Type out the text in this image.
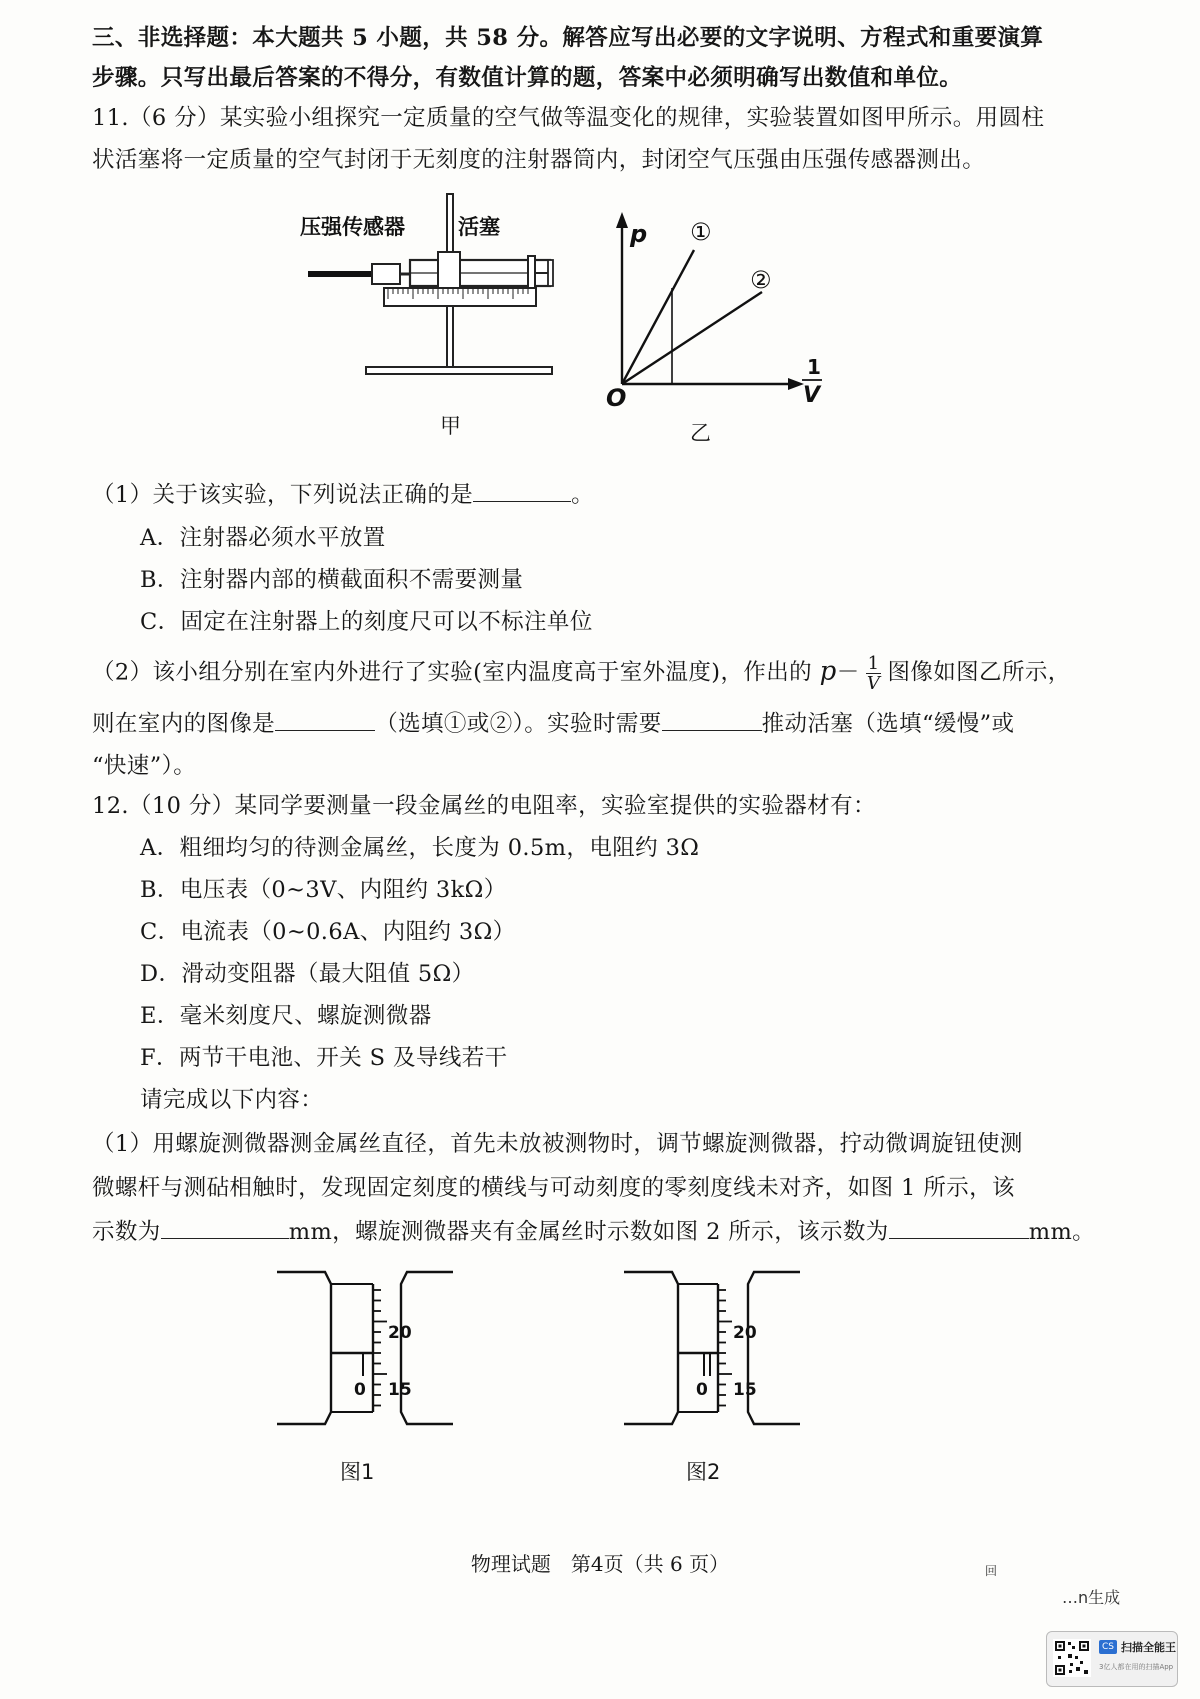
三、非选择题：本大题共 5 小题，共 58 分。解答应写出必要的文字说明、方程式和重要演算
步骤。只写出最后答案的不得分，有数值计算的题，答案中必须明确写出数值和单位。
11.（6 分）某实验小组探究一定质量的空气做等温变化的规律，实验装置如图甲所示。用圆柱
状活塞将一定质量的空气封闭于无刻度的注射器筒内，封闭空气压强由压强传感器测出。
压强传感器	活塞
甲
p ①
②
O
1
V
乙
（1）关于该实验，下列说法正确的是	。
A．注射器必须水平放置
B．注射器内部的横截面积不需要测量
C．固定在注射器上的刻度尺可以不标注单位
（2）该小组分别在室内外进行了实验(室内温度高于室外温度)，作出的 $p- \frac{1}{V}$ 图像如图乙所示，
则在室内的图像是	（选填①或②）。实验时需要	推动活塞（选填“缓慢”或
“快速”）。
12.（10 分）某同学要测量一段金属丝的电阻率，实验室提供的实验器材有：
A．粗细均匀的待测金属丝，长度为 0.5m，电阻约 3Ω
B．电压表（0~3V、内阻约 3kΩ）
C．电流表（0~0.6A、内阻约 3Ω）
D．滑动变阻器（最大阻值 5Ω）
E．毫米刻度尺、螺旋测微器
F．两节干电池、开关 S 及导线若干
请完成以下内容：
（1）用螺旋测微器测金属丝直径，首先未放被测物时，调节螺旋测微器，拧动微调旋钮使测
微螺杆与测砧相触时，发现固定刻度的横线与可动刻度的零刻度线未对齐，如图 1 所示，该
示数为	mm，螺旋测微器夹有金属丝时示数如图 2 所示，该示数为	mm。
20
15
0
图1
20
15
0
图2
物理试题　第4页（共 6 页）	回
…n生成
CS 扫描全能王
3亿人都在用的扫描App
